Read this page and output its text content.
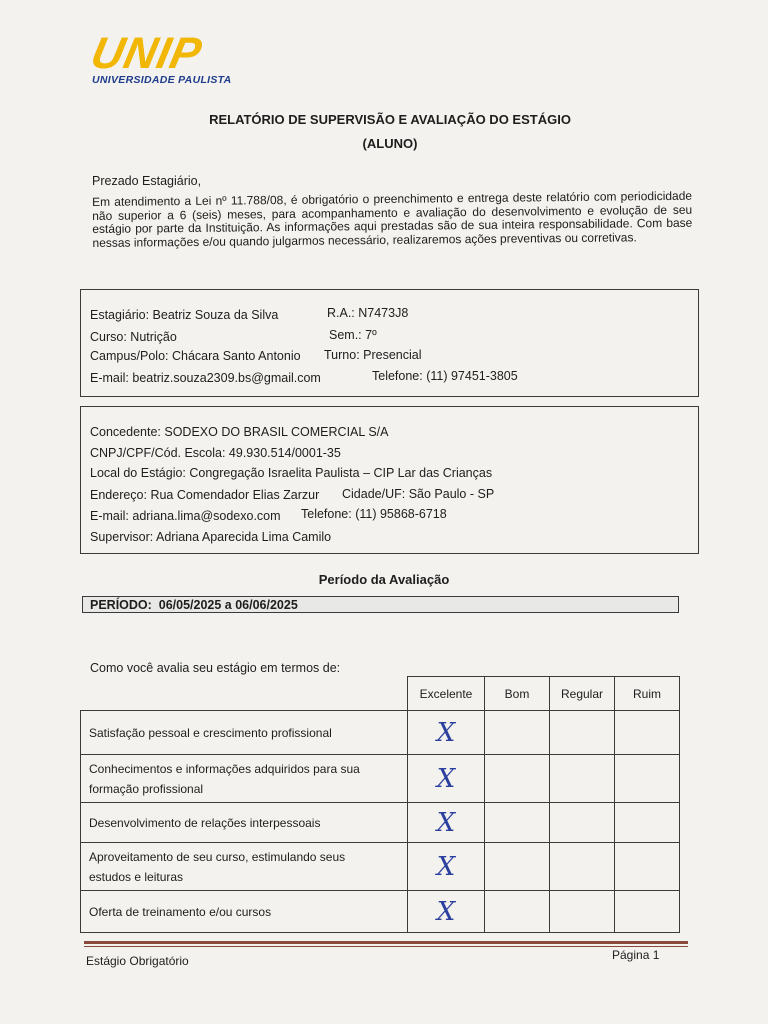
UNIP
UNIVERSIDADE PAULISTA
RELATÓRIO DE SUPERVISÃO E AVALIAÇÃO DO ESTÁGIO
(ALUNO)
Prezado Estagiário,
Em atendimento a Lei nº 11.788/08, é obrigatório o preenchimento e entrega deste relatório com periodicidade não superior a 6 (seis) meses, para acompanhamento e avaliação do desenvolvimento e evolução de seu estágio por parte da Instituição. As informações aqui prestadas são de sua inteira responsabilidade. Com base nessas informações e/ou quando julgarmos necessário, realizaremos ações preventivas ou corretivas.
Estagiário: Beatriz Souza da Silva	R.A.: N7473J8
Curso: Nutrição	Sem.: 7º
Campus/Polo: Chácara Santo Antonio Turno: Presencial
E-mail: beatriz.souza2309.bs@gmail.com	Telefone: (11) 97451-3805
Concedente: SODEXO DO BRASIL COMERCIAL S/A
CNPJ/CPF/Cód. Escola: 49.930.514/0001-35
Local do Estágio: Congregação Israelita Paulista – CIP Lar das Crianças
Endereço: Rua Comendador Elias Zarzur Cidade/UF: São Paulo - SP
E-mail: adriana.lima@sodexo.com Telefone: (11) 95868-6718
Supervisor: Adriana Aparecida Lima Camilo
Período da Avaliação
PERÍODO: 06/05/2025 a 06/06/2025
Como você avalia seu estágio em termos de:
	Excelente	Bom	Regular	Ruim
Satisfação pessoal e crescimento profissional	X			
Conhecimentos e informações adquiridos para sua
formação profissional	X			
Desenvolvimento de relações interpessoais	X			
Aproveitamento de seu curso, estimulando seus
estudos e leituras	X			
Oferta de treinamento e/ou cursos	X			
Estágio Obrigatório	Página 1
